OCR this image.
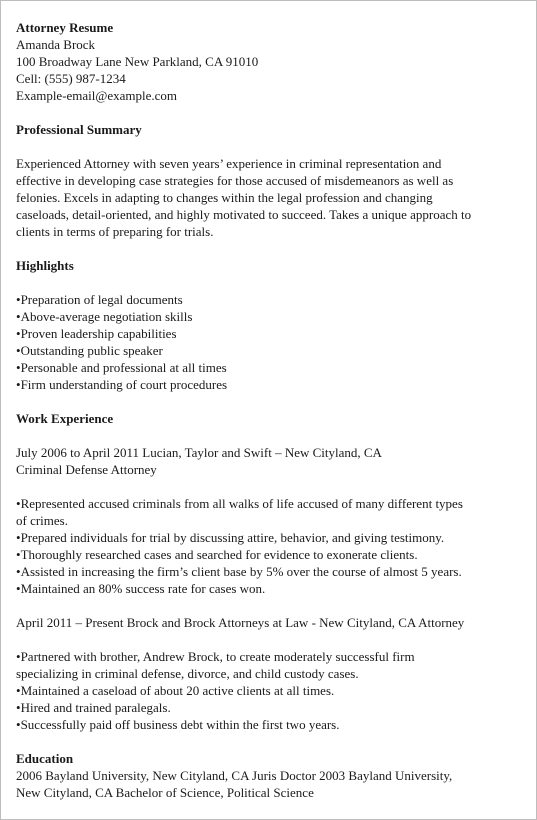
Attorney Resume
Amanda Brock
100 Broadway Lane New Parkland, CA 91010
Cell: (555) 987-1234
Example-email@example.com
Professional Summary
Experienced Attorney with seven years’ experience in criminal representation and
effective in developing case strategies for those accused of misdemeanors as well as
felonies. Excels in adapting to changes within the legal profession and changing
caseloads, detail-oriented, and highly motivated to succeed. Takes a unique approach to
clients in terms of preparing for trials.
Highlights
• Preparation of legal documents
• Above-average negotiation skills
• Proven leadership capabilities
• Outstanding public speaker
• Personable and professional at all times
• Firm understanding of court procedures
Work Experience
July 2006 to April 2011 Lucian, Taylor and Swift – New Cityland, CA
Criminal Defense Attorney
• Represented accused criminals from all walks of life accused of many different types
of crimes.
• Prepared individuals for trial by discussing attire, behavior, and giving testimony.
• Thoroughly researched cases and searched for evidence to exonerate clients.
• Assisted in increasing the firm’s client base by 5% over the course of almost 5 years.
• Maintained an 80% success rate for cases won.
April 2011 – Present Brock and Brock Attorneys at Law - New Cityland, CA Attorney
• Partnered with brother, Andrew Brock, to create moderately successful firm
specializing in criminal defense, divorce, and child custody cases.
• Maintained a caseload of about 20 active clients at all times.
• Hired and trained paralegals.
• Successfully paid off business debt within the first two years.
Education
2006 Bayland University, New Cityland, CA Juris Doctor 2003 Bayland University,
New Cityland, CA Bachelor of Science, Political Science
